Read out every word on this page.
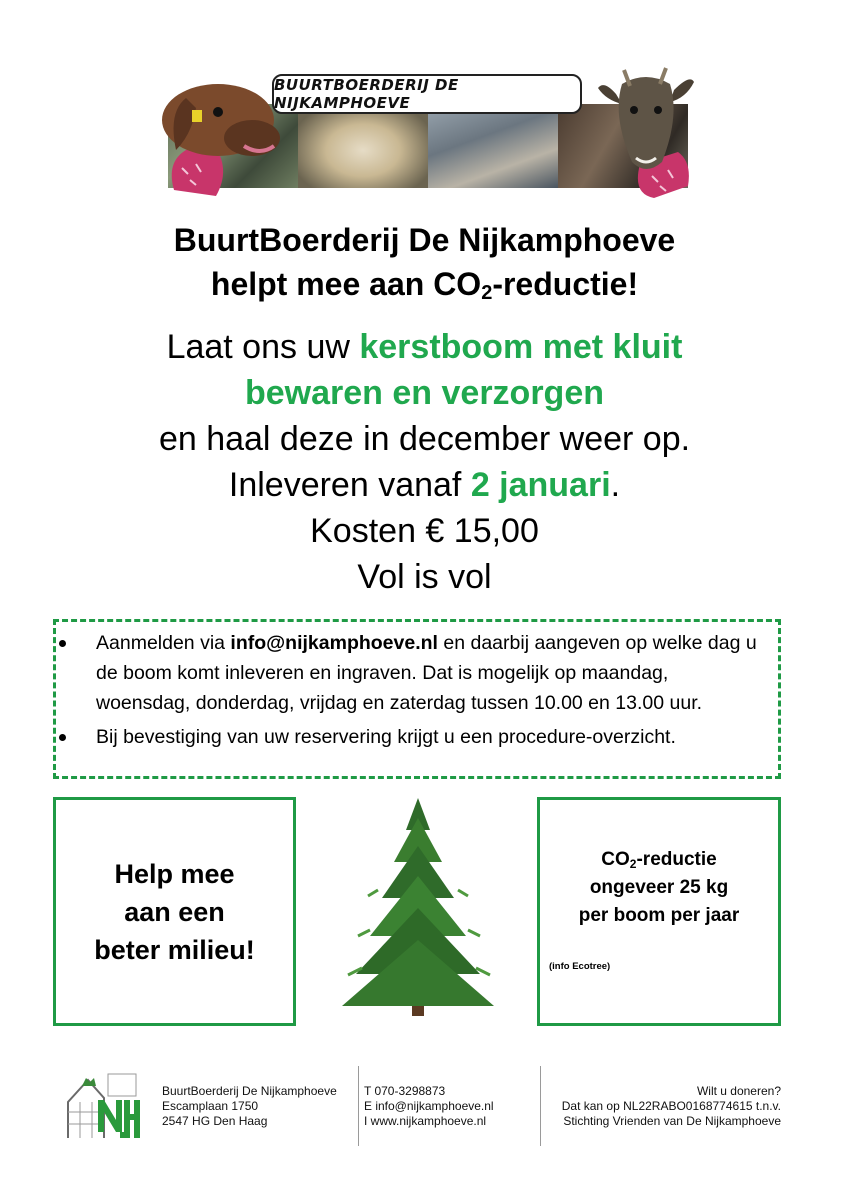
BUURTBOERDERIJ DE NIJKAMPHOEVE
BuurtBoerderij De Nijkamphoeve
helpt mee aan $CO_2$-reductie!
Laat ons uw kerstboom met kluit
bewaren en verzorgen
en haal deze in december weer op.
Inleveren vanaf 2 januari.
Kosten € 15,00
Vol is vol
Aanmelden via info@nijkamphoeve.nl en daarbij aangeven op welke dag u de boom komt inleveren en ingraven. Dat is mogelijk op maandag, woensdag, donderdag, vrijdag en zaterdag tussen 10.00 en 13.00 uur.
Bij bevestiging van uw reservering krijgt u een procedure-overzicht.
Help mee
aan een
beter milieu!
$CO_2$-reductie
ongeveer 25 kg
per boom per jaar
(info Ecotree)
BuurtBoerderij De Nijkamphoeve
Escamplaan 1750
2547 HG Den Haag
T 070-3298873
E info@nijkamphoeve.nl
I www.nijkamphoeve.nl
Wilt u doneren?
Dat kan op NL22RABO0168774615 t.n.v.
Stichting Vrienden van De Nijkamphoeve
